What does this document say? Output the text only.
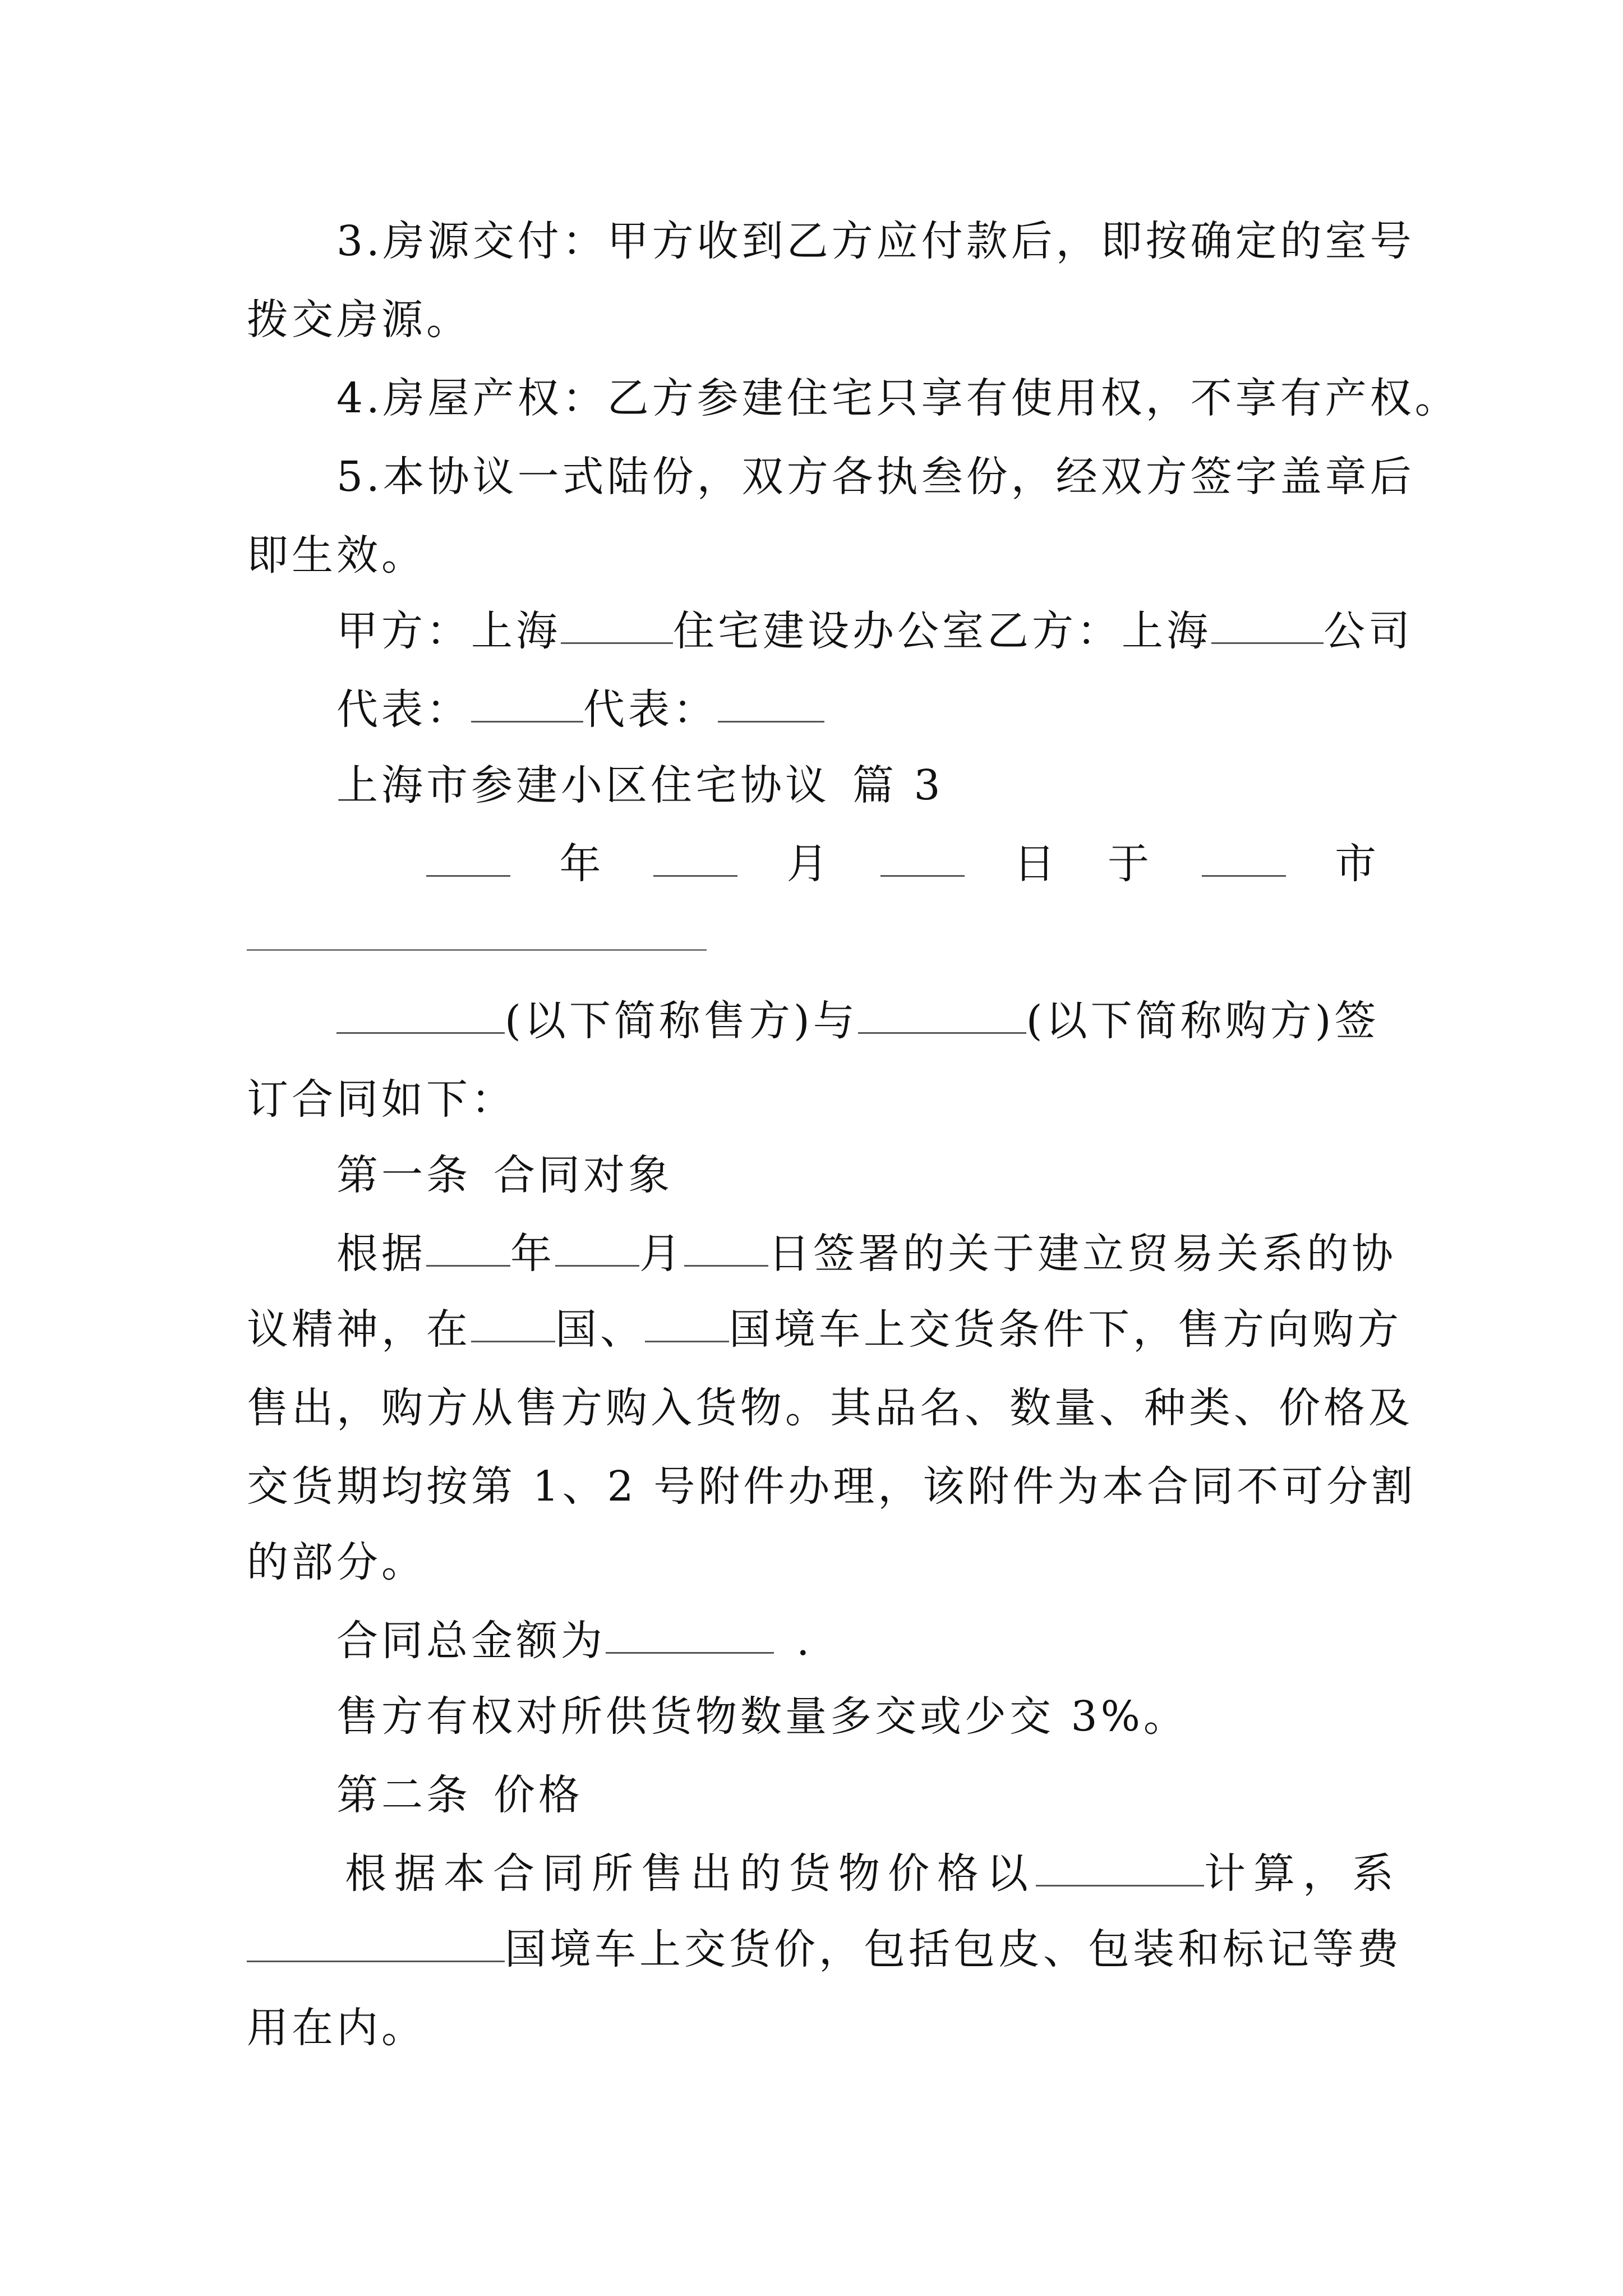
3.房源交付：甲方收到乙方应付款后，即按确定的室号
拨交房源。
4.房屋产权：乙方参建住宅只享有使用权，不享有产权。
5.本协议一式陆份，双方各执叁份，经双方签字盖章后
即生效。
甲方：上海	住宅建设办公室乙方：上海	公司
代表：	代表：
上海市参建小区住宅协议 篇 3
年	月	日 于	市
(以下简称售方)与	(以下简称购方)签
订合同如下：
第一条 合同对象
根据 年 月 日签署的关于建立贸易关系的协
议精神，在 国、 国境车上交货条件下，售方向购方
售出，购方从售方购入货物。其品名、数量、种类、价格及
交货期均按第 1、2 号附件办理，该附件为本合同不可分割
的部分。
合同总金额为	.
售方有权对所供货物数量多交或少交 3%。
第二条 价格
根据本合同所售出的货物价格以	计算，系
国境车上交货价，包括包皮、包装和标记等费
用在内。
